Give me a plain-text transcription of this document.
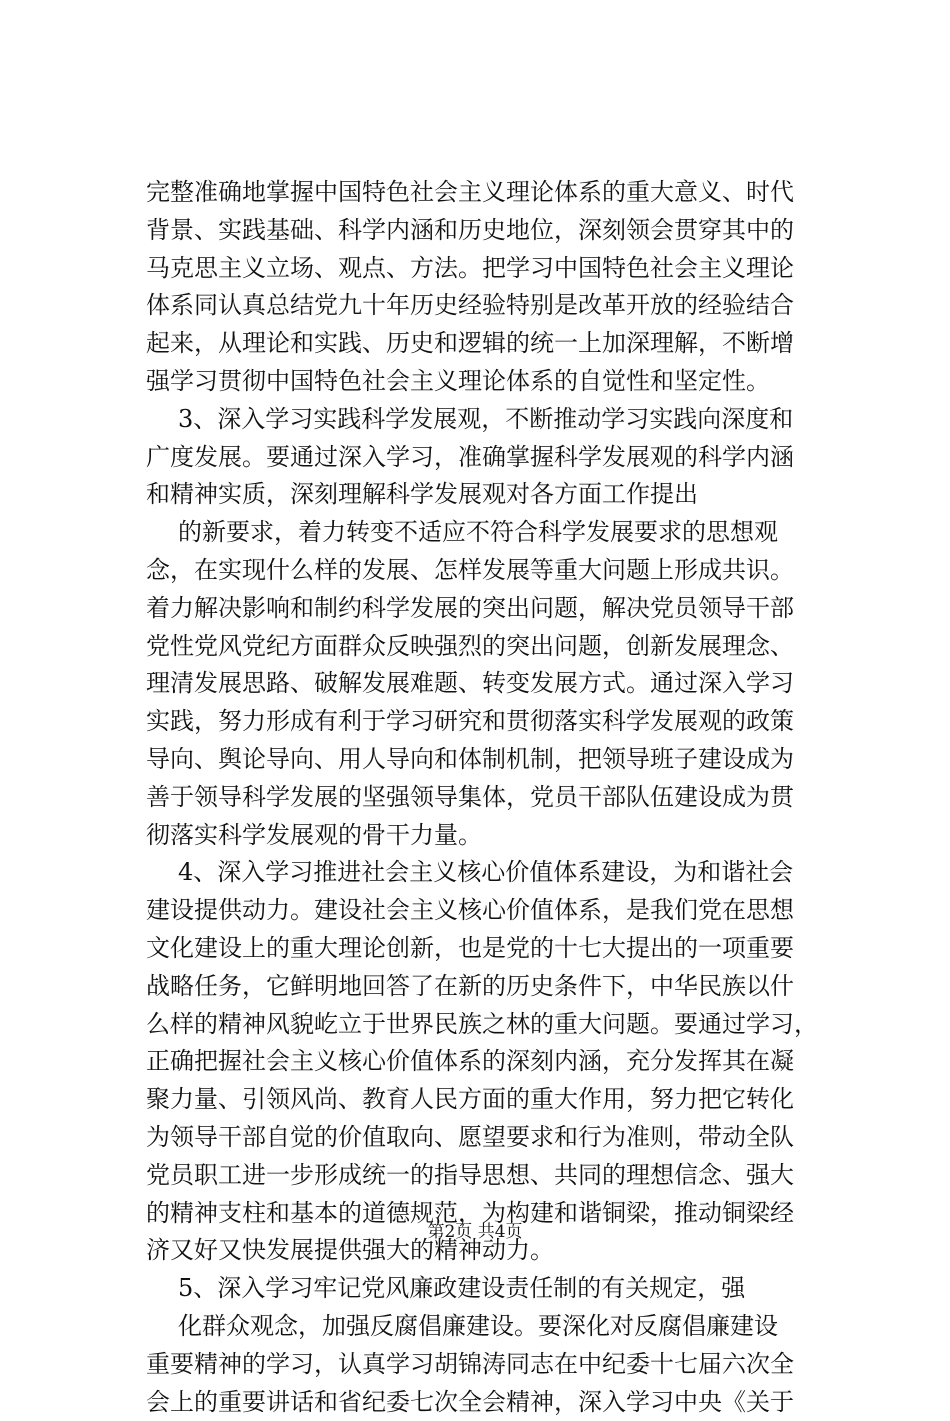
完整准确地掌握中国特色社会主义理论体系的重大意义、时代
背景、实践基础、科学内涵和历史地位，深刻领会贯穿其中的
马克思主义立场、观点、方法。把学习中国特色社会主义理论
体系同认真总结党九十年历史经验特别是改革开放的经验结合
起来，从理论和实践、历史和逻辑的统一上加深理解，不断增
强学习贯彻中国特色社会主义理论体系的自觉性和坚定性。
3、深入学习实践科学发展观，不断推动学习实践向深度和
广度发展。要通过深入学习，准确掌握科学发展观的科学内涵
和精神实质，深刻理解科学发展观对各方面工作提出
的新要求，着力转变不适应不符合科学发展要求的思想观
念，在实现什么样的发展、怎样发展等重大问题上形成共识。
着力解决影响和制约科学发展的突出问题，解决党员领导干部
党性党风党纪方面群众反映强烈的突出问题，创新发展理念、
理清发展思路、破解发展难题、转变发展方式。通过深入学习
实践，努力形成有利于学习研究和贯彻落实科学发展观的政策
导向、舆论导向、用人导向和体制机制，把领导班子建设成为
善于领导科学发展的坚强领导集体，党员干部队伍建设成为贯
彻落实科学发展观的骨干力量。
4、深入学习推进社会主义核心价值体系建设，为和谐社会
建设提供动力。建设社会主义核心价值体系，是我们党在思想
文化建设上的重大理论创新，也是党的十七大提出的一项重要
战略任务，它鲜明地回答了在新的历史条件下，中华民族以什
么样的精神风貌屹立于世界民族之林的重大问题。要通过学习，
正确把握社会主义核心价值体系的深刻内涵，充分发挥其在凝
聚力量、引领风尚、教育人民方面的重大作用，努力把它转化
为领导干部自觉的价值取向、愿望要求和行为准则，带动全队
党员职工进一步形成统一的指导思想、共同的理想信念、强大
的精神支柱和基本的道德规范，为构建和谐铜梁，推动铜梁经
济又好又快发展提供强大的精神动力。
5、深入学习牢记党风廉政建设责任制的有关规定，强
化群众观念，加强反腐倡廉建设。要深化对反腐倡廉建设
重要精神的学习，认真学习胡锦涛同志在中纪委十七届六次全
会上的重要讲话和省纪委七次全会精神，深入学习中央《关于
第2页 共4页
